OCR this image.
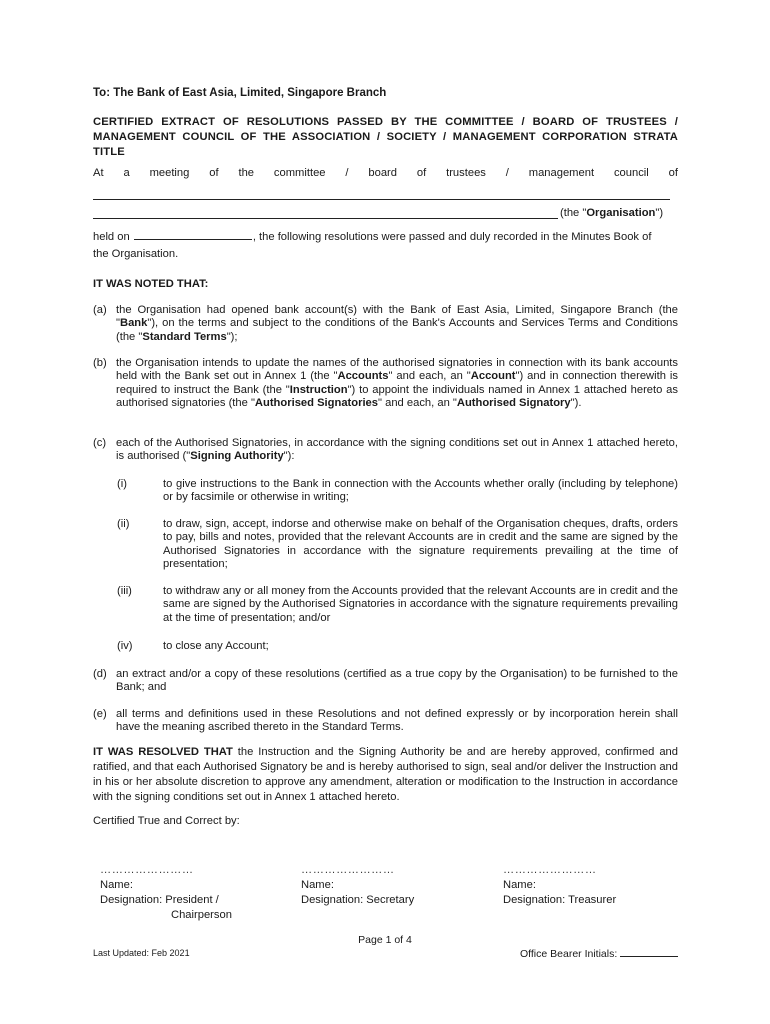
To: The Bank of East Asia, Limited, Singapore Branch
CERTIFIED EXTRACT OF RESOLUTIONS PASSED BY THE COMMITTEE / BOARD OF TRUSTEES / MANAGEMENT COUNCIL OF THE ASSOCIATION / SOCIETY / MANAGEMENT CORPORATION STRATA TITLE
At a meeting of the committee / board of trustees / management council of
(the "Organisation")
held on	, the following resolutions were passed and duly recorded in the Minutes Book of
the Organisation.
IT WAS NOTED THAT:
(a) the Organisation had opened bank account(s) with the Bank of East Asia, Limited, Singapore Branch (the "Bank"), on the terms and subject to the conditions of the Bank's Accounts and Services Terms and Conditions (the "Standard Terms");
(b) the Organisation intends to update the names of the authorised signatories in connection with its bank accounts held with the Bank set out in Annex 1 (the "Accounts" and each, an "Account") and in connection therewith is required to instruct the Bank (the "Instruction") to appoint the individuals named in Annex 1 attached hereto as authorised signatories (the "Authorised Signatories" and each, an "Authorised Signatory").
(c) each of the Authorised Signatories, in accordance with the signing conditions set out in Annex 1 attached hereto, is authorised ("Signing Authority"):
(i)	to give instructions to the Bank in connection with the Accounts whether orally (including by telephone) or by facsimile or otherwise in writing;
(ii)	to draw, sign, accept, indorse and otherwise make on behalf of the Organisation cheques, drafts, orders to pay, bills and notes, provided that the relevant Accounts are in credit and the same are signed by the Authorised Signatories in accordance with the signature requirements prevailing at the time of presentation;
(iii)	to withdraw any or all money from the Accounts provided that the relevant Accounts are in credit and the same are signed by the Authorised Signatories in accordance with the signature requirements prevailing at the time of presentation; and/or
(iv)	to close any Account;
(d) an extract and/or a copy of these resolutions (certified as a true copy by the Organisation) to be furnished to the Bank; and
(e) all terms and definitions used in these Resolutions and not defined expressly or by incorporation herein shall have the meaning ascribed thereto in the Standard Terms.
IT WAS RESOLVED THAT the Instruction and the Signing Authority be and are hereby approved, confirmed and ratified, and that each Authorised Signatory be and is hereby authorised to sign, seal and/or deliver the Instruction and in his or her absolute discretion to approve any amendment, alteration or modification to the Instruction in accordance with the signing conditions set out in Annex 1 attached hereto.
Certified True and Correct by:
……………………
Name:
Designation: President /
Chairperson
……………………
Name:
Designation: Secretary
……………………
Name:
Designation: Treasurer
Page 1 of 4
Last Updated: Feb 2021	Office Bearer Initials:
